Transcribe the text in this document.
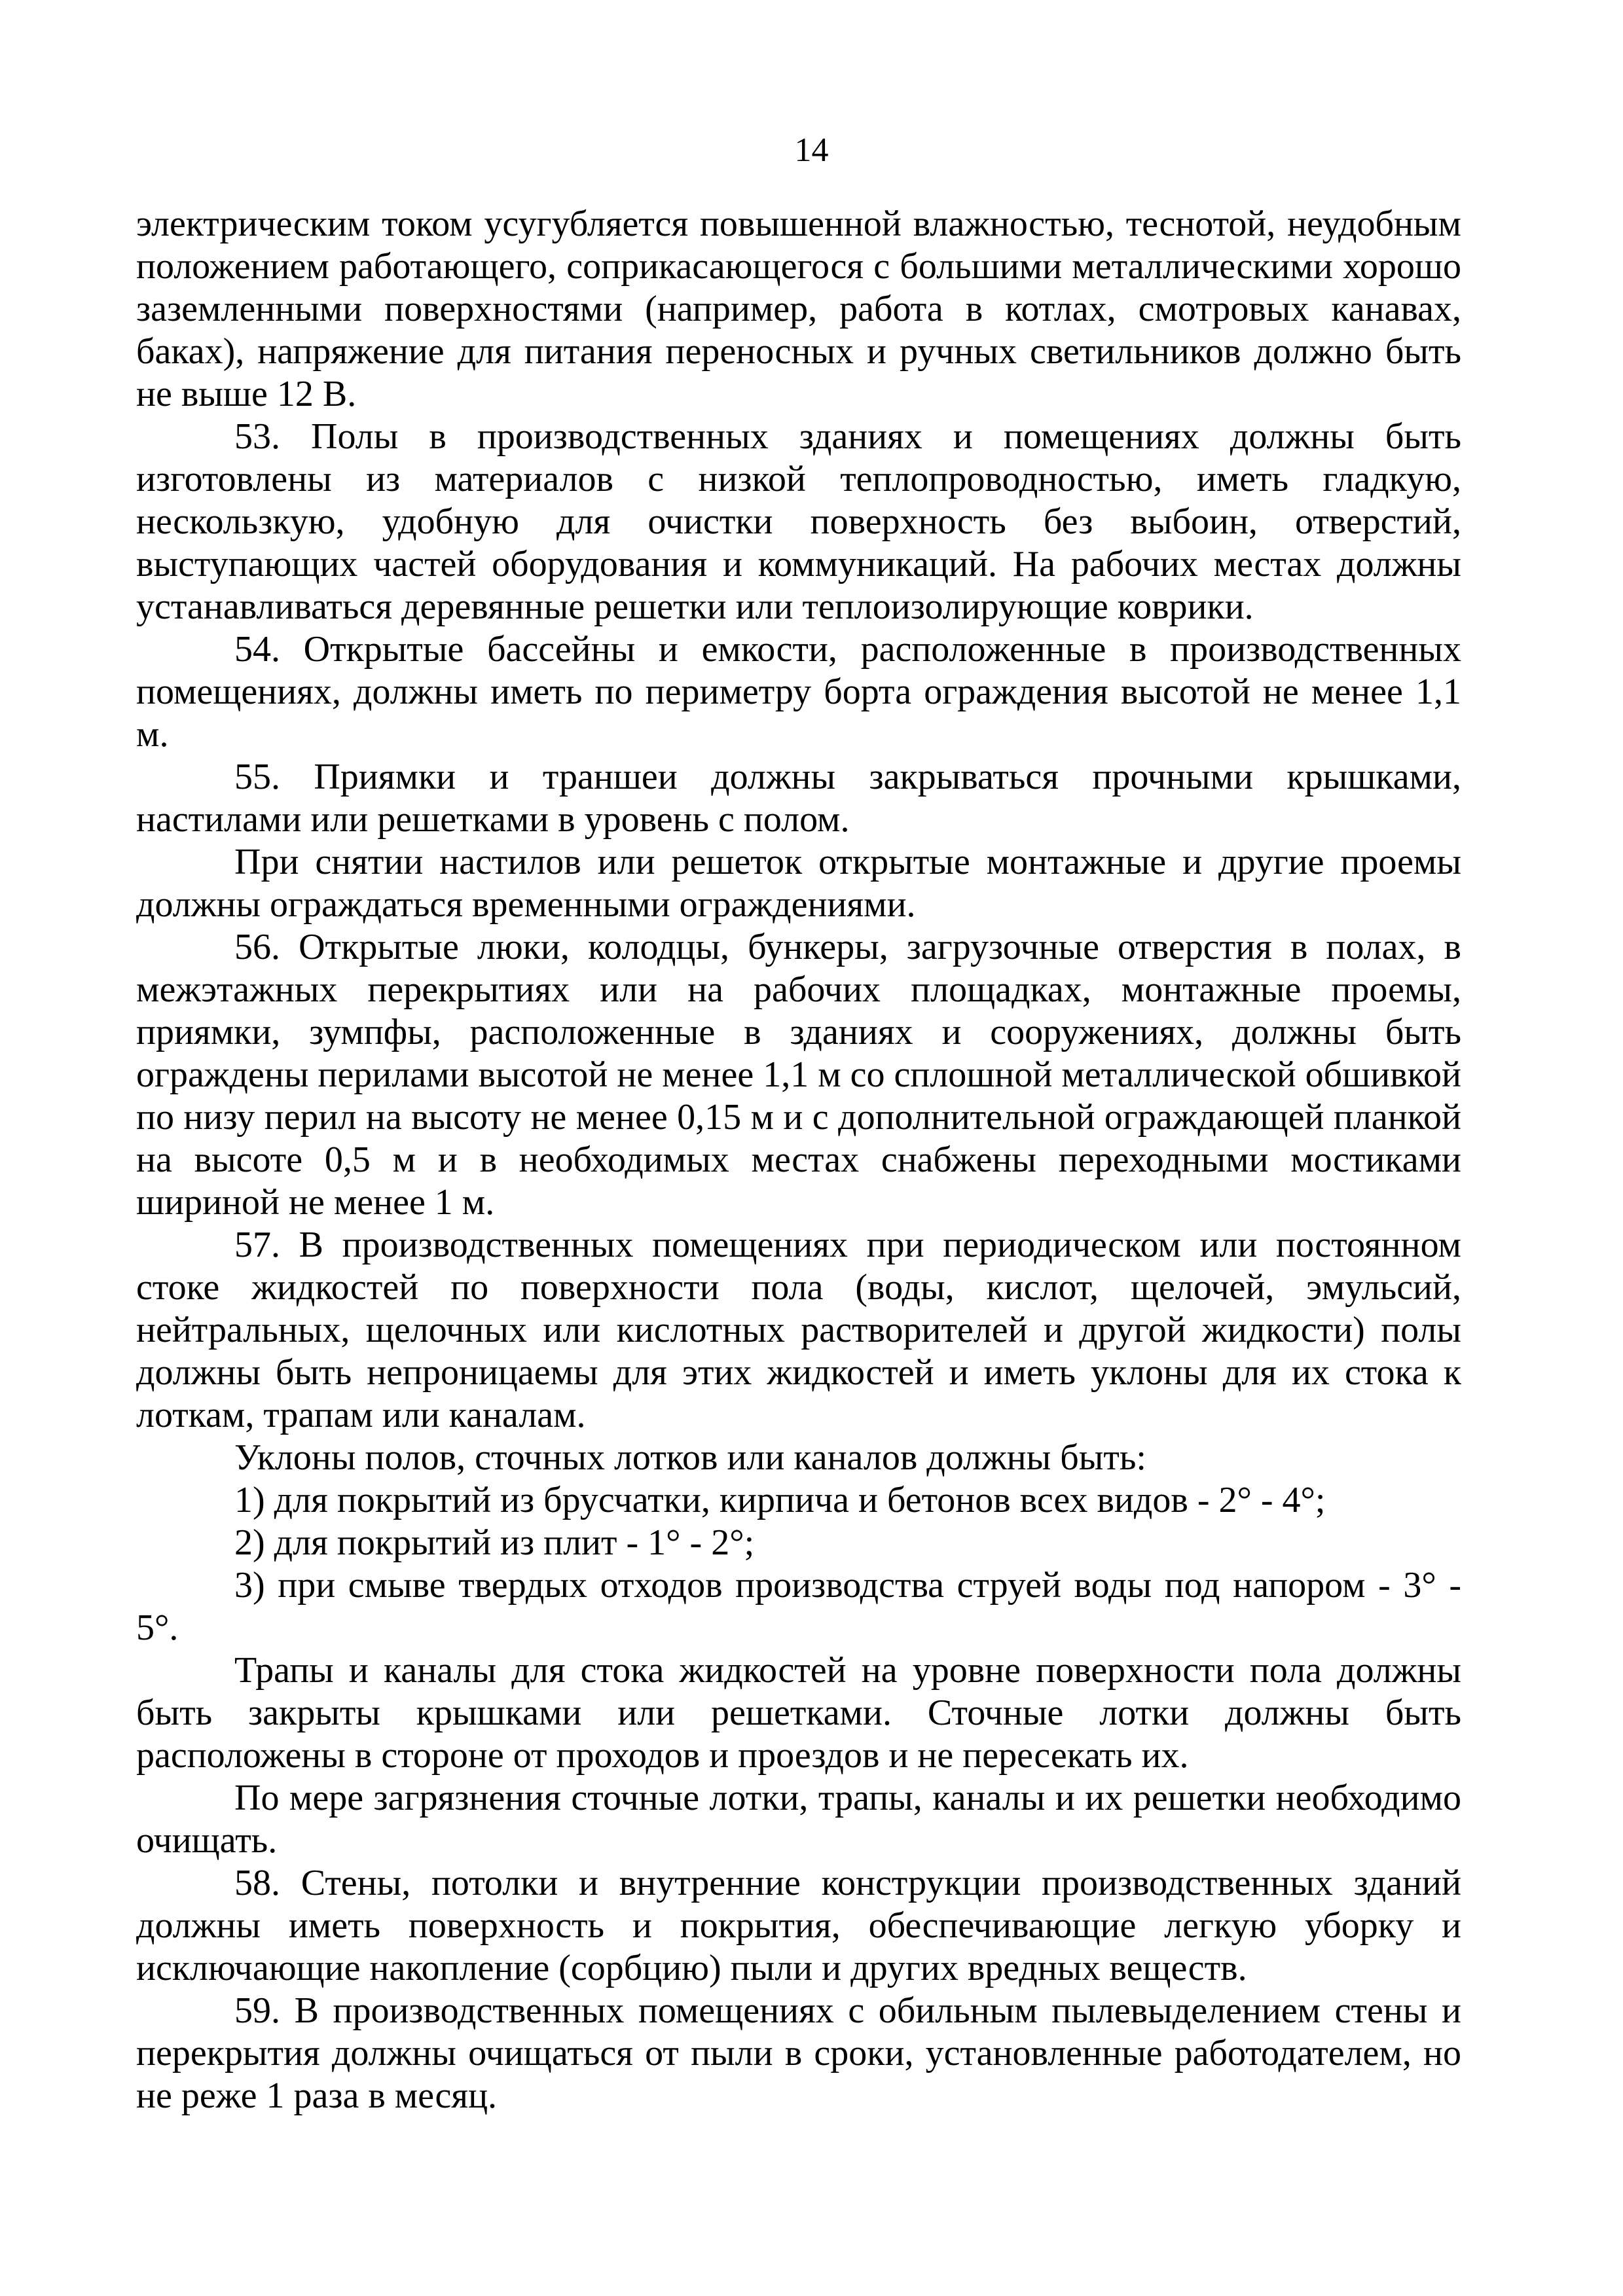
14

электрическим током усугубляется повышенной влажностью, теснотой, неудобным положением работающего, соприкасающегося с большими металлическими хорошо заземленными поверхностями (например, работа в котлах, смотровых канавах, баках), напряжение для питания переносных и ручных светильников должно быть не выше 12 В.

53. Полы в производственных зданиях и помещениях должны быть изготовлены из материалов с низкой теплопроводностью, иметь гладкую, нескользкую, удобную для очистки поверхность без выбоин, отверстий, выступающих частей оборудования и коммуникаций. На рабочих местах должны устанавливаться деревянные решетки или теплоизолирующие коврики.

54. Открытые бассейны и емкости, расположенные в производственных помещениях, должны иметь по периметру борта ограждения высотой не менее 1,1 м.

55. Приямки и траншеи должны закрываться прочными крышками, настилами или решетками в уровень с полом.

При снятии настилов или решеток открытые монтажные и другие проемы должны ограждаться временными ограждениями.

56. Открытые люки, колодцы, бункеры, загрузочные отверстия в полах, в межэтажных перекрытиях или на рабочих площадках, монтажные проемы, приямки, зумпфы, расположенные в зданиях и сооружениях, должны быть ограждены перилами высотой не менее 1,1 м со сплошной металлической обшивкой по низу перил на высоту не менее 0,15 м и с дополнительной ограждающей планкой на высоте 0,5 м и в необходимых местах снабжены переходными мостиками шириной не менее 1 м.

57. В производственных помещениях при периодическом или постоянном стоке жидкостей по поверхности пола (воды, кислот, щелочей, эмульсий, нейтральных, щелочных или кислотных растворителей и другой жидкости) полы должны быть непроницаемы для этих жидкостей и иметь уклоны для их стока к лоткам, трапам или каналам.

Уклоны полов, сточных лотков или каналов должны быть:

1) для покрытий из брусчатки, кирпича и бетонов всех видов - 2° - 4°;

2) для покрытий из плит - 1° - 2°;

3) при смыве твердых отходов производства струей воды под напором - 3° - 5°.

Трапы и каналы для стока жидкостей на уровне поверхности пола должны быть закрыты крышками или решетками. Сточные лотки должны быть расположены в стороне от проходов и проездов и не пересекать их.

По мере загрязнения сточные лотки, трапы, каналы и их решетки необходимо очищать.

58. Стены, потолки и внутренние конструкции производственных зданий должны иметь поверхность и покрытия, обеспечивающие легкую уборку и исключающие накопление (сорбцию) пыли и других вредных веществ.

59. В производственных помещениях с обильным пылевыделением стены и перекрытия должны очищаться от пыли в сроки, установленные работодателем, но не реже 1 раза в месяц.
